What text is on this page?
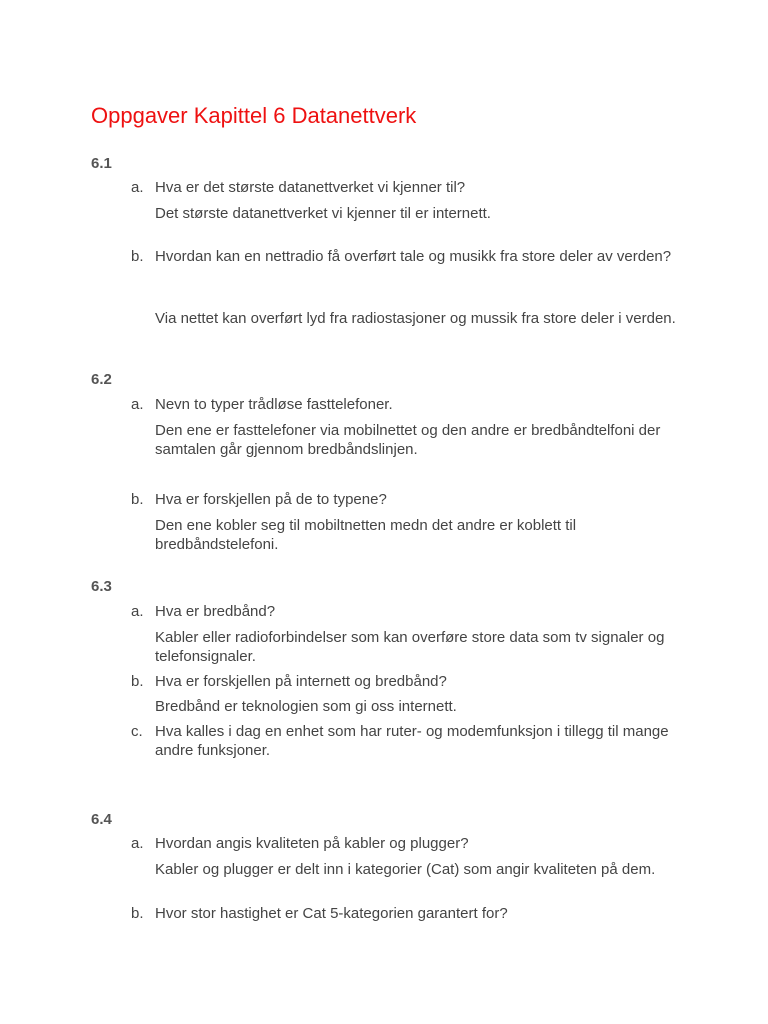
Oppgaver Kapittel 6 Datanettverk
6.1
a. Hva er det største datanettverket vi kjenner til?
Det største datanettverket vi kjenner til er internett.
b. Hvordan kan en nettradio få overført tale og musikk fra store deler av verden?
Via nettet kan overført lyd fra radiostasjoner og mussik fra store deler i verden.
6.2
a. Nevn to typer trådløse fasttelefoner.
Den ene er fasttelefoner via mobilnettet og den andre er bredbåndtelfoni der samtalen går gjennom bredbåndslinjen.
b. Hva er forskjellen på de to typene?
Den ene kobler seg til mobiltnetten medn det andre er koblett til bredbåndstelefoni.
6.3
a. Hva er bredbånd?
Kabler eller radioforbindelser som kan overføre store data som tv signaler og telefonsignaler.
b. Hva er forskjellen på internett og bredbånd?
Bredbånd er teknologien som gi oss internett.
c. Hva kalles i dag en enhet som har ruter- og modemfunksjon i tillegg til mange andre funksjoner.
6.4
a. Hvordan angis kvaliteten på kabler og plugger?
Kabler og plugger er delt inn i kategorier (Cat) som angir kvaliteten på dem.
b. Hvor stor hastighet er Cat 5-kategorien garantert for?
